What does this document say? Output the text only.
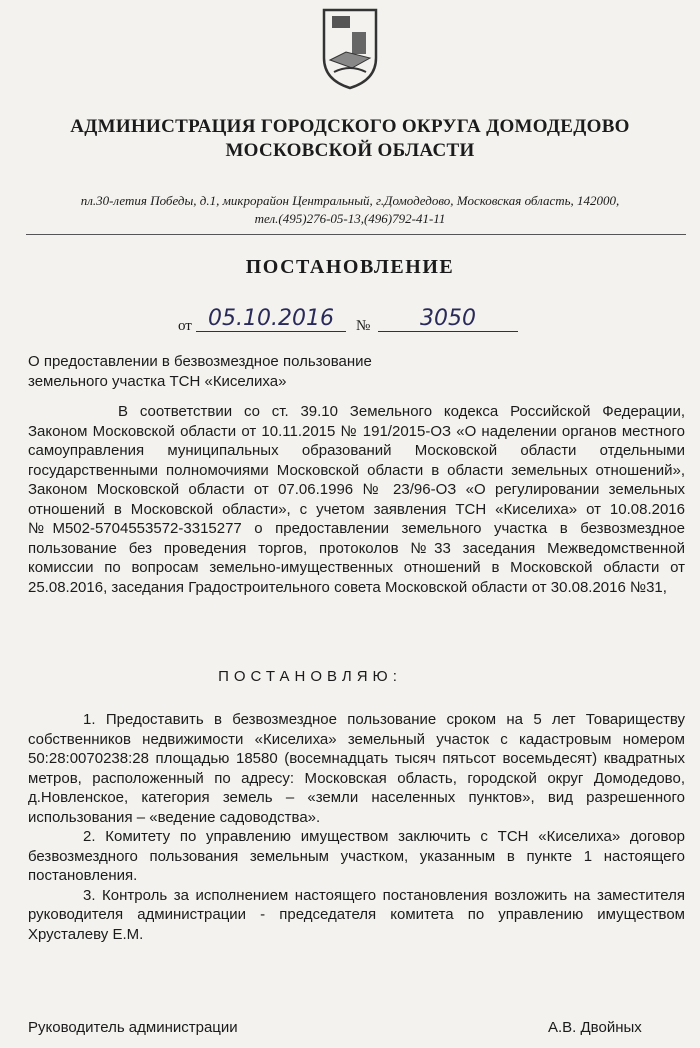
АДМИНИСТРАЦИЯ ГОРОДСКОГО ОКРУГА ДОМОДЕДОВО
МОСКОВСКОЙ ОБЛАСТИ
пл.30-летия Победы, д.1, микрорайон Центральный, г.Домодедово, Московская область, 142000,
тел.(495)276-05-13,(496)792-41-11
ПОСТАНОВЛЕНИЕ
от 05.10.2016	№	3050
О предоставлении в безвозмездное пользование
земельного участка ТСН «Киселиха»

В соответствии со ст. 39.10 Земельного кодекса Российской Федерации, Законом Московской области от 10.11.2015 № 191/2015-ОЗ «О наделении органов местного самоуправления муниципальных образований Московской области отдельными государственными полномочиями Московской области в области земельных отношений», Законом Московской области от 07.06.1996 № 23/96-ОЗ «О регулировании земельных отношений в Московской области», с учетом заявления ТСН «Киселиха» от 10.08.2016 №М502-5704553572-3315277 о предоставлении земельного участка в безвозмездное пользование без проведения торгов, протоколов №33 заседания Межведомственной комиссии по вопросам земельно-имущественных отношений в Московской области от 25.08.2016, заседания Градостроительного совета Московской области от 30.08.2016 №31,

ПОСТАНОВЛЯЮ:

1. Предоставить в безвозмездное пользование сроком на 5 лет Товариществу собственников недвижимости «Киселиха» земельный участок с кадастровым номером 50:28:0070238:28 площадью 18580 (восемнадцать тысяч пятьсот восемьдесят) квадратных метров, расположенный по адресу: Московская область, городской округ Домодедово, д.Новленское, категория земель – «земли населенных пунктов», вид разрешенного использования – «ведение садоводства».

2. Комитету по управлению имуществом заключить с ТСН «Киселиха» договор безвозмездного пользования земельным участком, указанным в пункте 1 настоящего постановления.

3. Контроль за исполнением настоящего постановления возложить на заместителя руководителя администрации - председателя комитета по управлению имуществом Хрусталеву Е.М.

Руководитель администрации	А.В. Двойных
